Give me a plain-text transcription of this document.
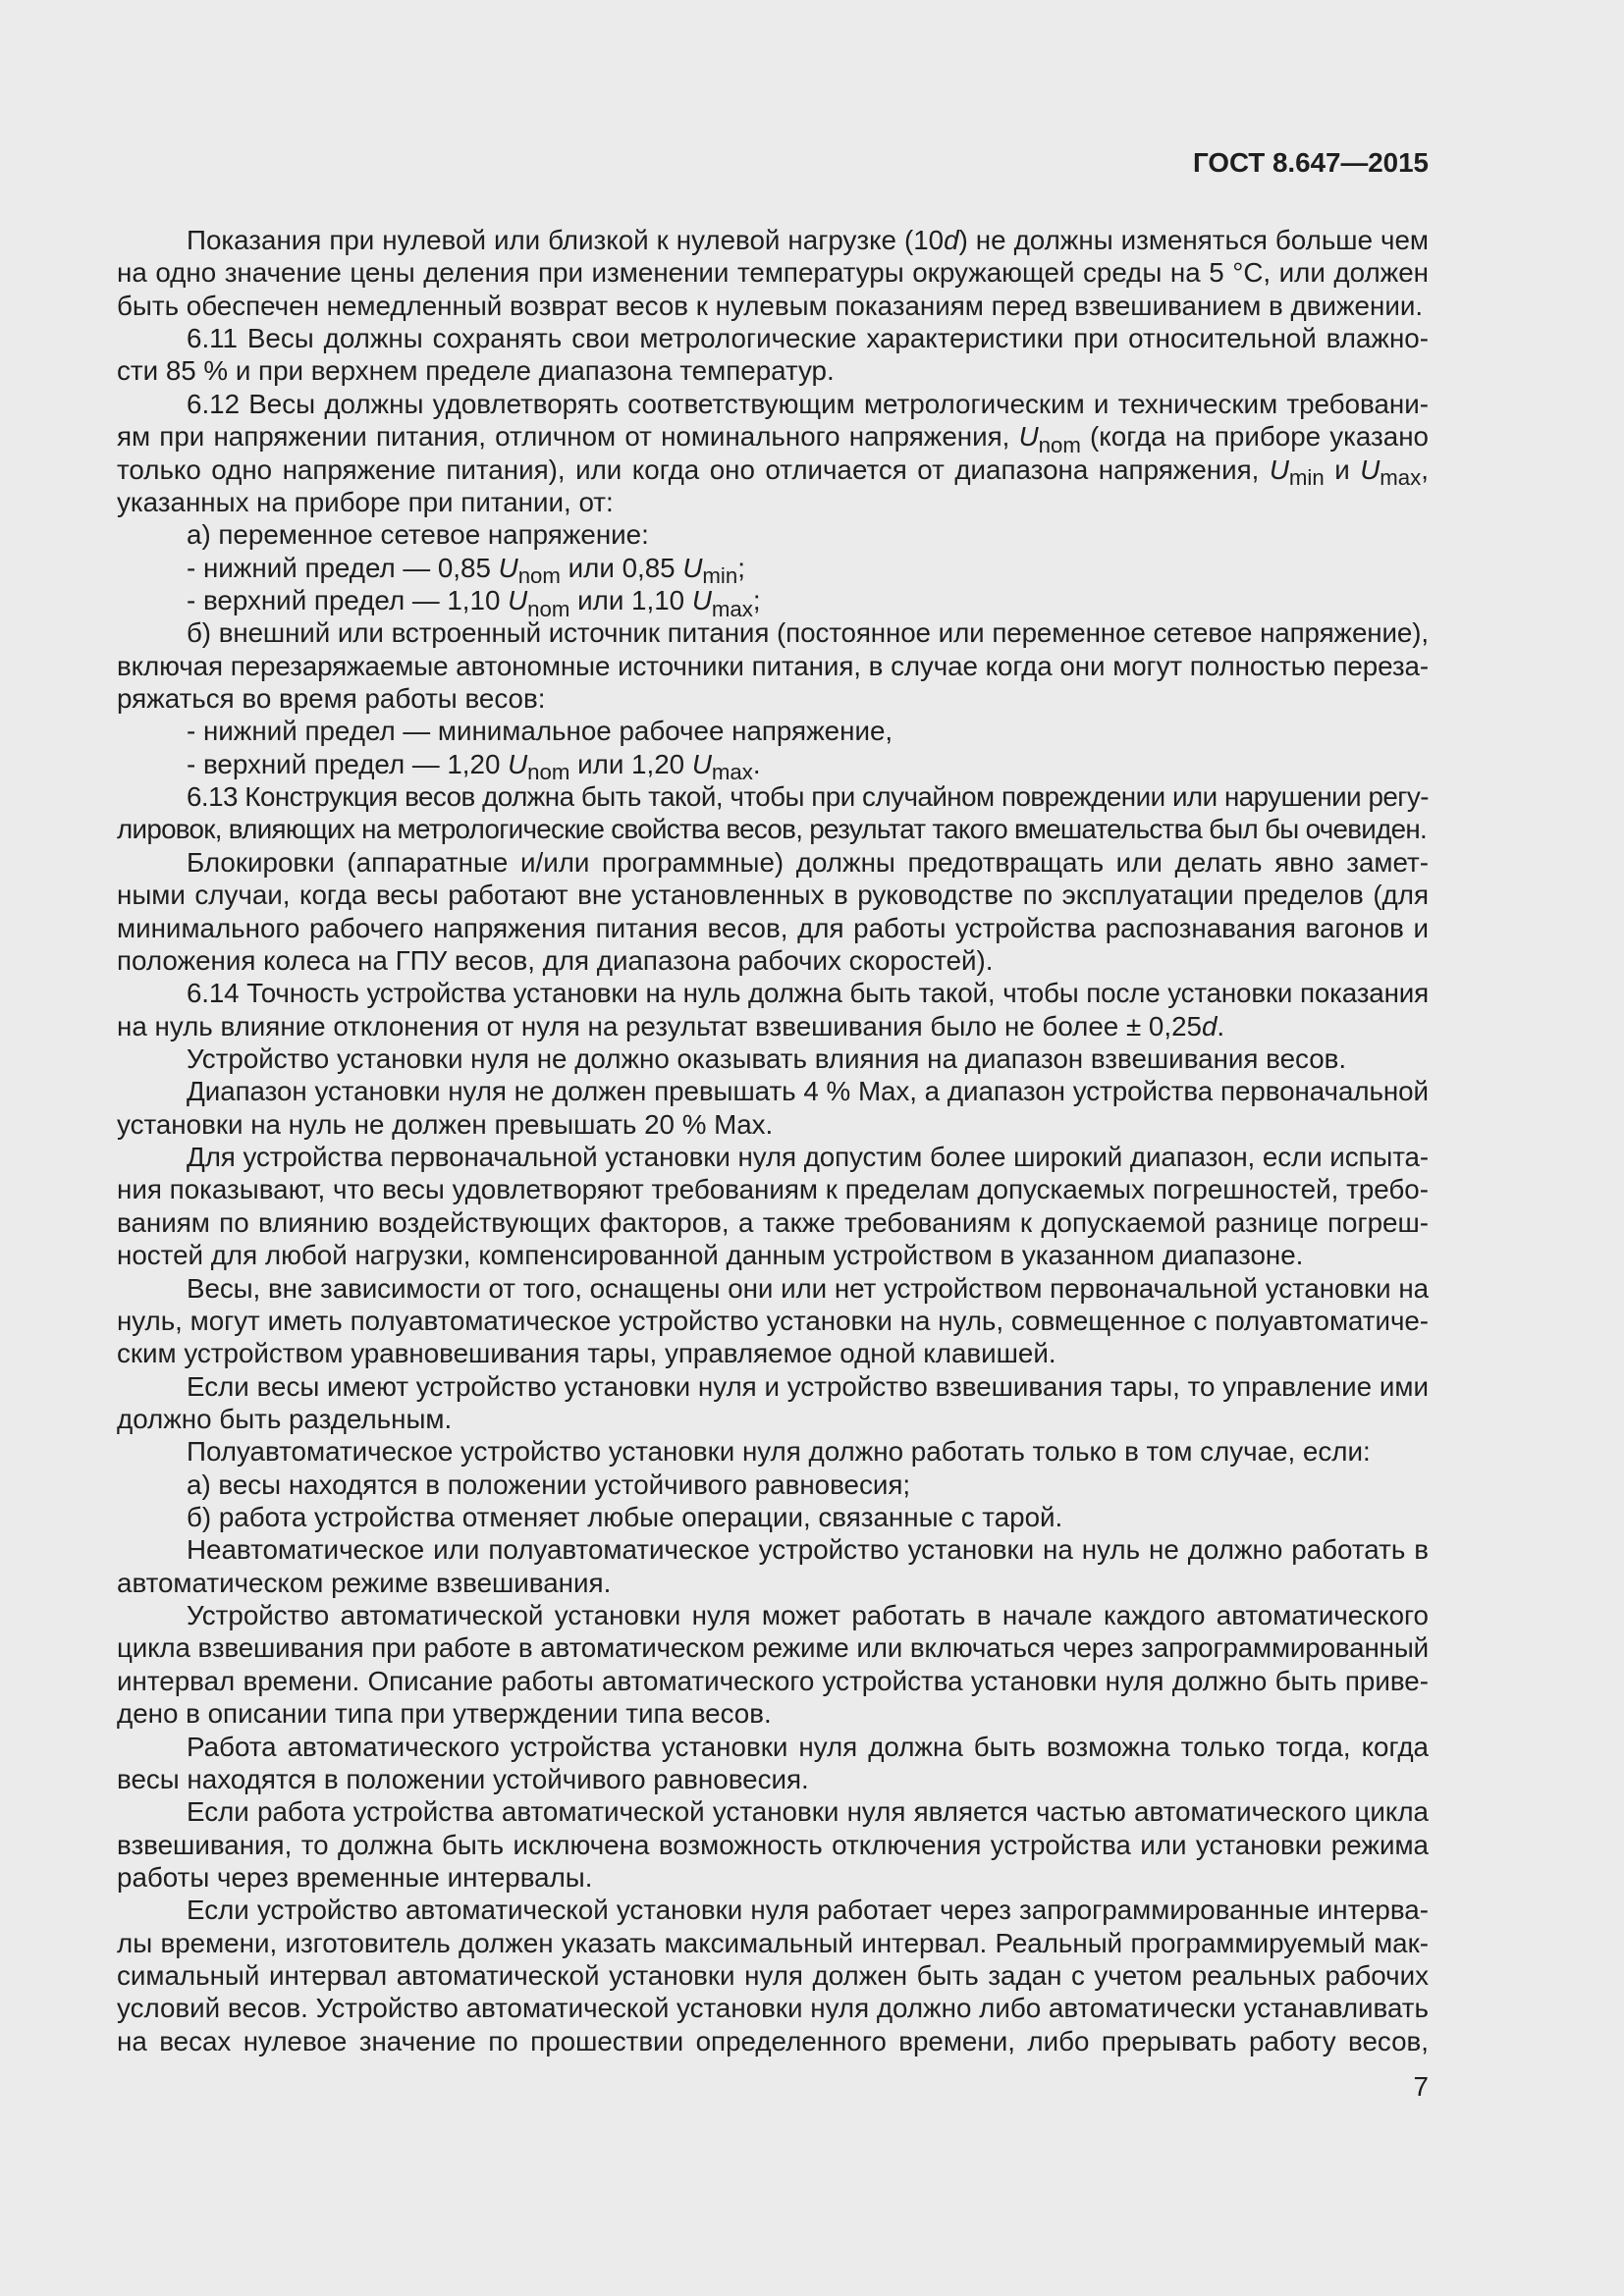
ГОСТ 8.647—2015
Показания при нулевой или близкой к нулевой нагрузке (10d) не должны изменяться больше чем
на одно значение цены деления при изменении температуры окружающей среды на 5 °С, или должен
быть обеспечен немедленный возврат весов к нулевым показаниям перед взвешиванием в движении.
6.11 Весы должны сохранять свои метрологические характеристики при относительной влажно-
сти 85 % и при верхнем пределе диапазона температур.
6.12 Весы должны удовлетворять соответствующим метрологическим и техническим требовани-
ям при напряжении питания, отличном от номинального напряжения, $U_{nom}$ (когда на приборе указано
только одно напряжение питания), или когда оно отличается от диапазона напряжения, $U_{min}$ и $U_{max}$,
указанных на приборе при питании, от:
а) переменное сетевое напряжение:
- нижний предел — 0,85 $U_{nom}$ или 0,85 $U_{min}$;
- верхний предел — 1,10 $U_{nom}$ или 1,10 $U_{max}$;
б) внешний или встроенный источник питания (постоянное или переменное сетевое напряжение),
включая перезаряжаемые автономные источники питания, в случае когда они могут полностью переза-
ряжаться во время работы весов:
- нижний предел — минимальное рабочее напряжение,
- верхний предел — 1,20 $U_{nom}$ или 1,20 $U_{max}$.
6.13 Конструкция весов должна быть такой, чтобы при случайном повреждении или нарушении регу-
лировок, влияющих на метрологические свойства весов, результат такого вмешательства был бы очевиден.
Блокировки (аппаратные и/или программные) должны предотвращать или делать явно замет-
ными случаи, когда весы работают вне установленных в руководстве по эксплуатации пределов (для
минимального рабочего напряжения питания весов, для работы устройства распознавания вагонов и
положения колеса на ГПУ весов, для диапазона рабочих скоростей).
6.14 Точность устройства установки на нуль должна быть такой, чтобы после установки показания
на нуль влияние отклонения от нуля на результат взвешивания было не более ± 0,25d.
Устройство установки нуля не должно оказывать влияния на диапазон взвешивания весов.
Диапазон установки нуля не должен превышать 4 % Max, а диапазон устройства первоначальной
установки на нуль не должен превышать 20 % Max.
Для устройства первоначальной установки нуля допустим более широкий диапазон, если испыта-
ния показывают, что весы удовлетворяют требованиям к пределам допускаемых погрешностей, требо-
ваниям по влиянию воздействующих факторов, а также требованиям к допускаемой разнице погреш-
ностей для любой нагрузки, компенсированной данным устройством в указанном диапазоне.
Весы, вне зависимости от того, оснащены они или нет устройством первоначальной установки на
нуль, могут иметь полуавтоматическое устройство установки на нуль, совмещенное с полуавтоматиче-
ским устройством уравновешивания тары, управляемое одной клавишей.
Если весы имеют устройство установки нуля и устройство взвешивания тары, то управление ими
должно быть раздельным.
Полуавтоматическое устройство установки нуля должно работать только в том случае, если:
а) весы находятся в положении устойчивого равновесия;
б) работа устройства отменяет любые операции, связанные с тарой.
Неавтоматическое или полуавтоматическое устройство установки на нуль не должно работать в
автоматическом режиме взвешивания.
Устройство автоматической установки нуля может работать в начале каждого автоматического
цикла взвешивания при работе в автоматическом режиме или включаться через запрограммированный
интервал времени. Описание работы автоматического устройства установки нуля должно быть приве-
дено в описании типа при утверждении типа весов.
Работа автоматического устройства установки нуля должна быть возможна только тогда, когда
весы находятся в положении устойчивого равновесия.
Если работа устройства автоматической установки нуля является частью автоматического цикла
взвешивания, то должна быть исключена возможность отключения устройства или установки режима
работы через временные интервалы.
Если устройство автоматической установки нуля работает через запрограммированные интерва-
лы времени, изготовитель должен указать максимальный интервал. Реальный программируемый мак-
симальный интервал автоматической установки нуля должен быть задан с учетом реальных рабочих
условий весов. Устройство автоматической установки нуля должно либо автоматически устанавливать
на весах нулевое значение по прошествии определенного времени, либо прерывать работу весов,
7
